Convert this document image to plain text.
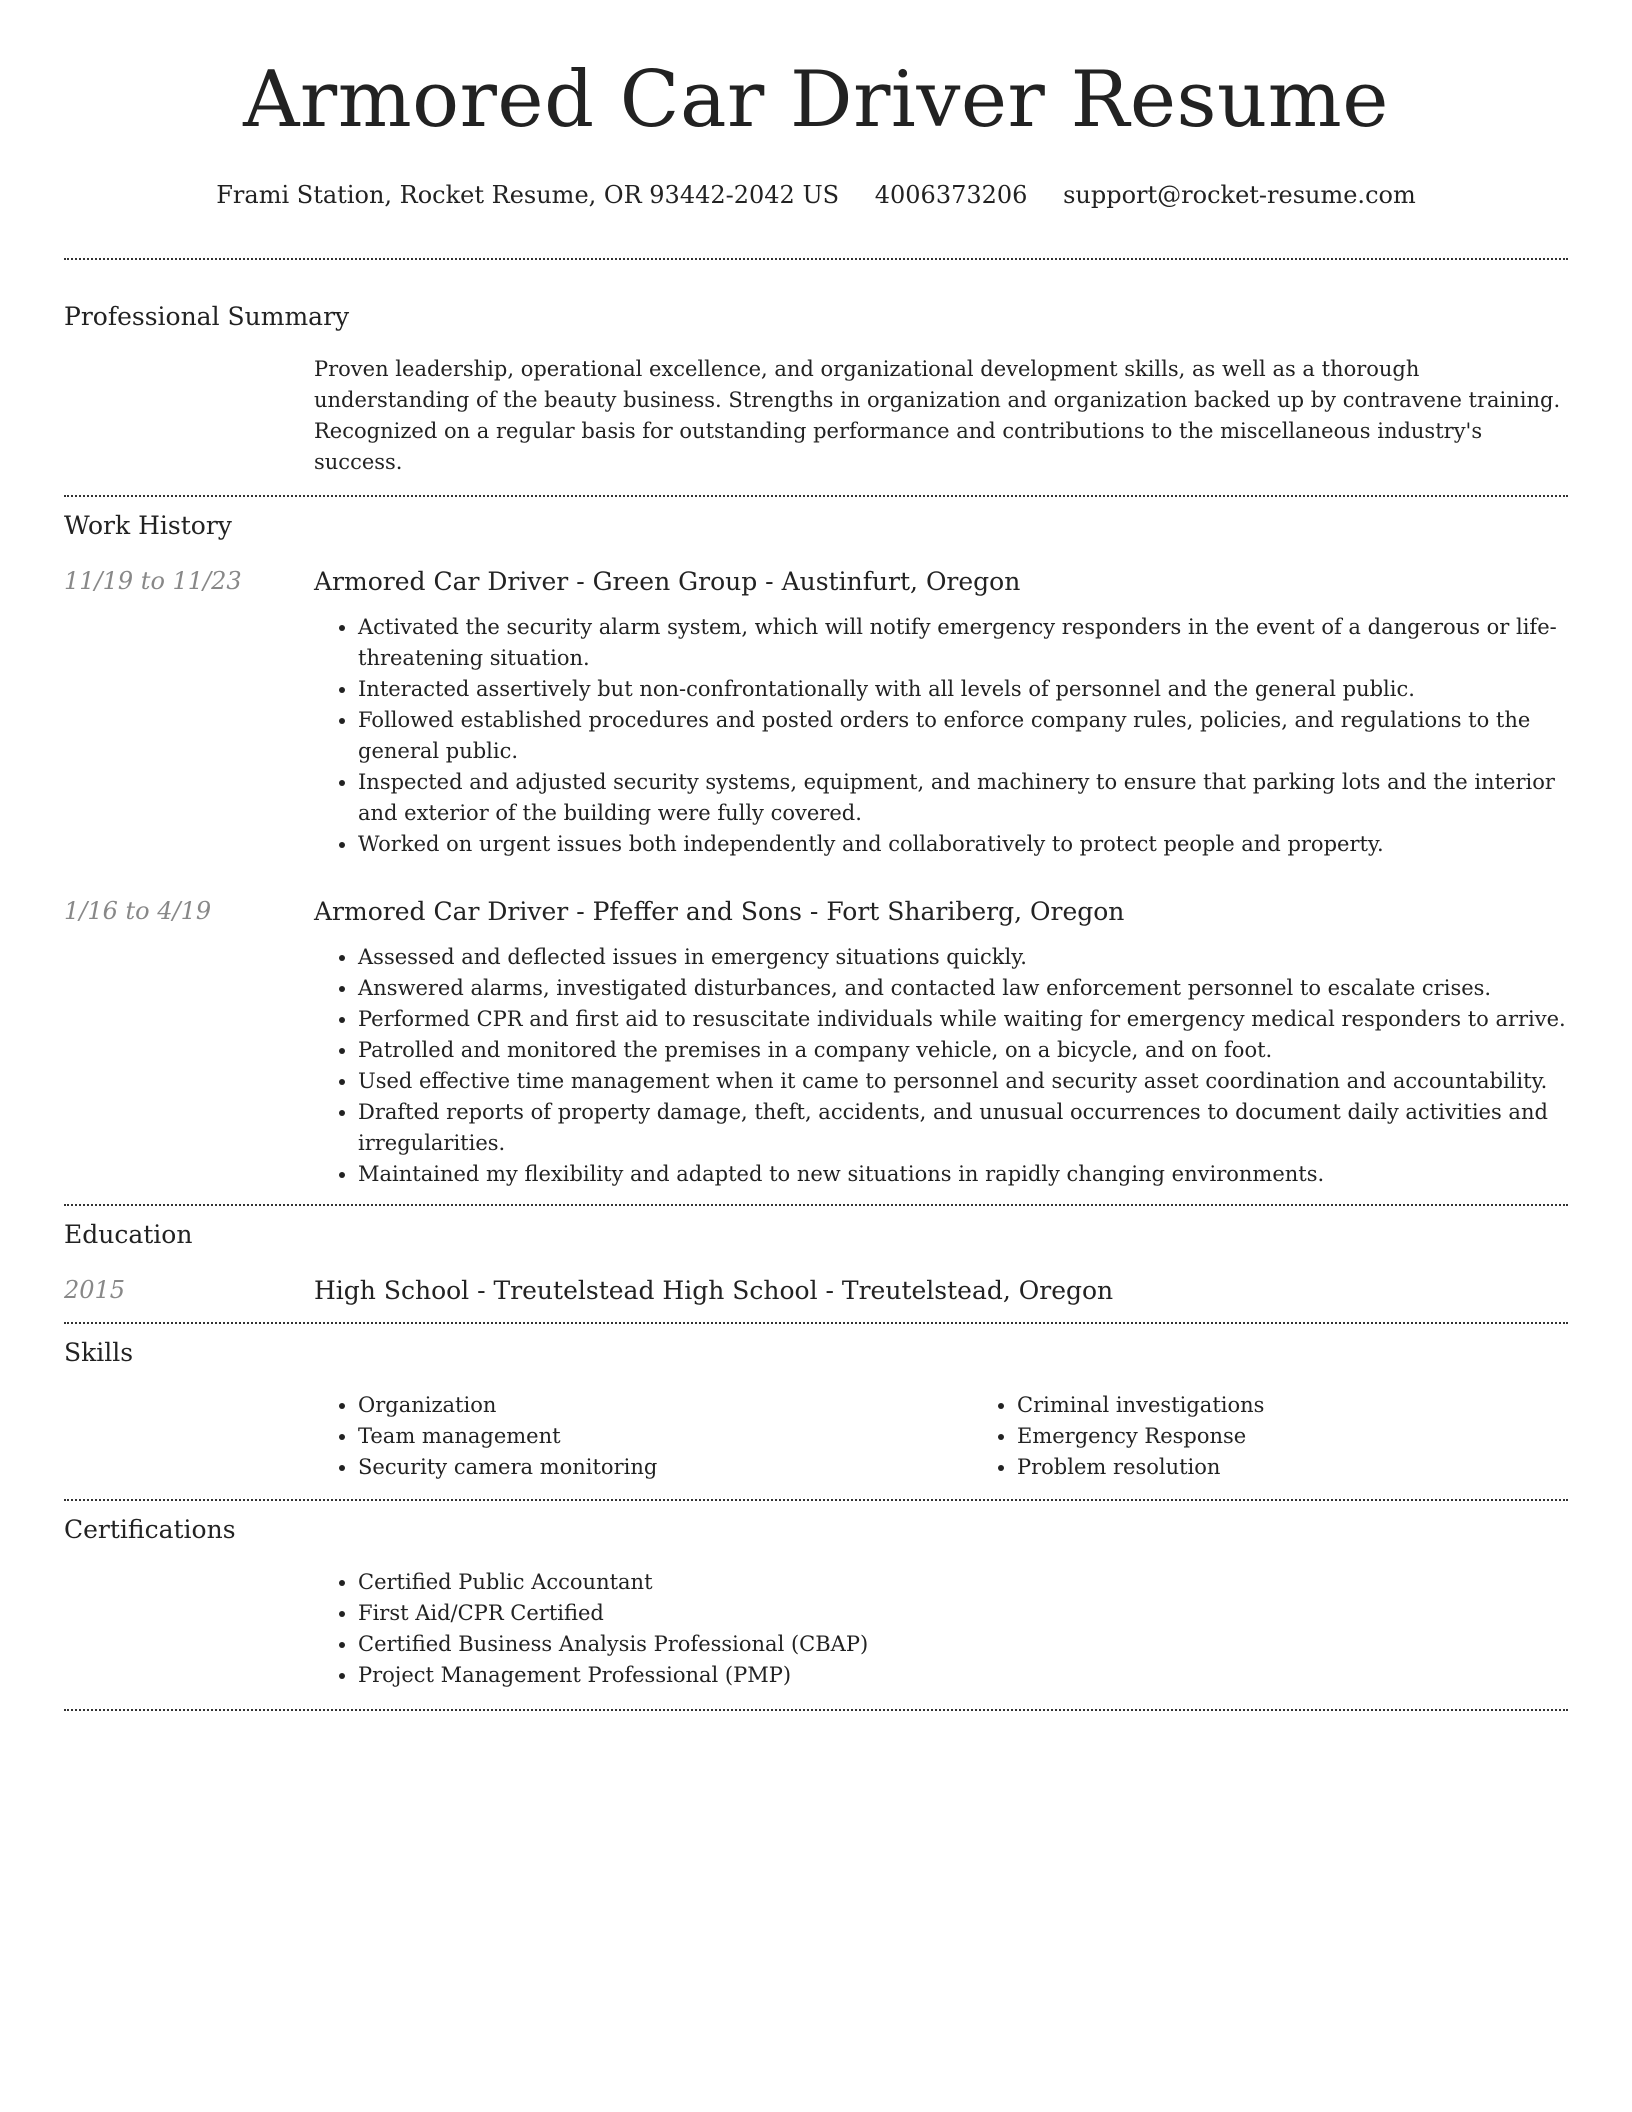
Armored Car Driver Resume
Frami Station, Rocket Resume, OR 93442-2042 US 4006373206 support@rocket-resume.com
Professional Summary

Proven leadership, operational excellence, and organizational development skills, as well as a thorough understanding of the beauty business. Strengths in organization and organization backed up by contravene training. Recognized on a regular basis for outstanding performance and contributions to the miscellaneous industry's success.

Work History
11/19 to 11/23	Armored Car Driver - Green Group - Austinfurt, Oregon
• Activated the security alarm system, which will notify emergency responders in the event of a dangerous or life-threatening situation.
• Interacted assertively but non-confrontationally with all levels of personnel and the general public.
• Followed established procedures and posted orders to enforce company rules, policies, and regulations to the general public.
• Inspected and adjusted security systems, equipment, and machinery to ensure that parking lots and the interior and exterior of the building were fully covered.
• Worked on urgent issues both independently and collaboratively to protect people and property.
1/16 to 4/19	Armored Car Driver - Pfeffer and Sons - Fort Shariberg, Oregon
• Assessed and deflected issues in emergency situations quickly.
• Answered alarms, investigated disturbances, and contacted law enforcement personnel to escalate crises.
• Performed CPR and first aid to resuscitate individuals while waiting for emergency medical responders to arrive.
• Patrolled and monitored the premises in a company vehicle, on a bicycle, and on foot.
• Used effective time management when it came to personnel and security asset coordination and accountability.
• Drafted reports of property damage, theft, accidents, and unusual occurrences to document daily activities and irregularities.
• Maintained my flexibility and adapted to new situations in rapidly changing environments.
Education
2015	High School - Treutelstead High School - Treutelstead, Oregon
Skills
• Organization
• Team management
• Security camera monitoring
• Criminal investigations
• Emergency Response
• Problem resolution
Certifications
• Certified Public Accountant
• First Aid/CPR Certified
• Certified Business Analysis Professional (CBAP)
• Project Management Professional (PMP)
